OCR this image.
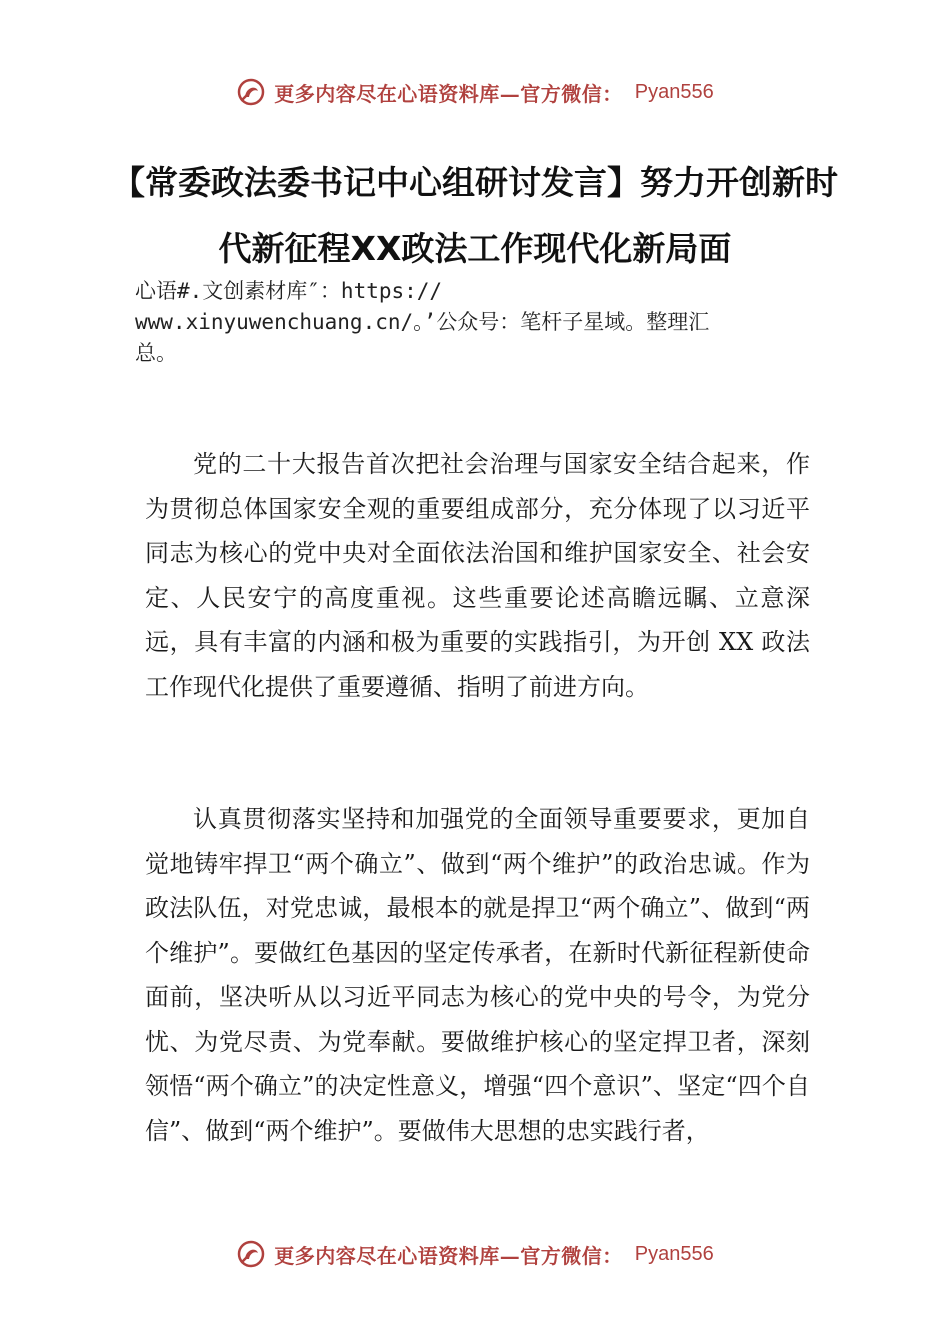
更多内容尽在心语资料库—官方微信： Pyan556
【常委政法委书记中心组研讨发言】努力开创新时代新征程XX政法工作现代化新局面
心语#.文创素材库″：https://
www.xinyuwenchuang.cn/。’公众号：笔杆子星域。整理汇
总。

党的二十大报告首次把社会治理与国家安全结合起来，作为贯彻总体国家安全观的重要组成部分，充分体现了以习近平同志为核心的党中央对全面依法治国和维护国家安全、社会安定、人民安宁的高度重视。这些重要论述高瞻远瞩、立意深远，具有丰富的内涵和极为重要的实践指引，为开创 XX 政法工作现代化提供了重要遵循、指明了前进方向。

认真贯彻落实坚持和加强党的全面领导重要要求，更加自觉地铸牢捍卫“两个确立”、做到“两个维护”的政治忠诚。作为政法队伍，对党忠诚，最根本的就是捍卫“两个确立”、做到“两个维护”。要做红色基因的坚定传承者，在新时代新征程新使命面前，坚决听从以习近平同志为核心的党中央的号令，为党分忧、为党尽责、为党奉献。要做维护核心的坚定捍卫者，深刻领悟“两个确立”的决定性意义，增强“四个意识”、坚定“四个自信”、做到“两个维护”。要做伟大思想的忠实践行者，

更多内容尽在心语资料库—官方微信： Pyan556
